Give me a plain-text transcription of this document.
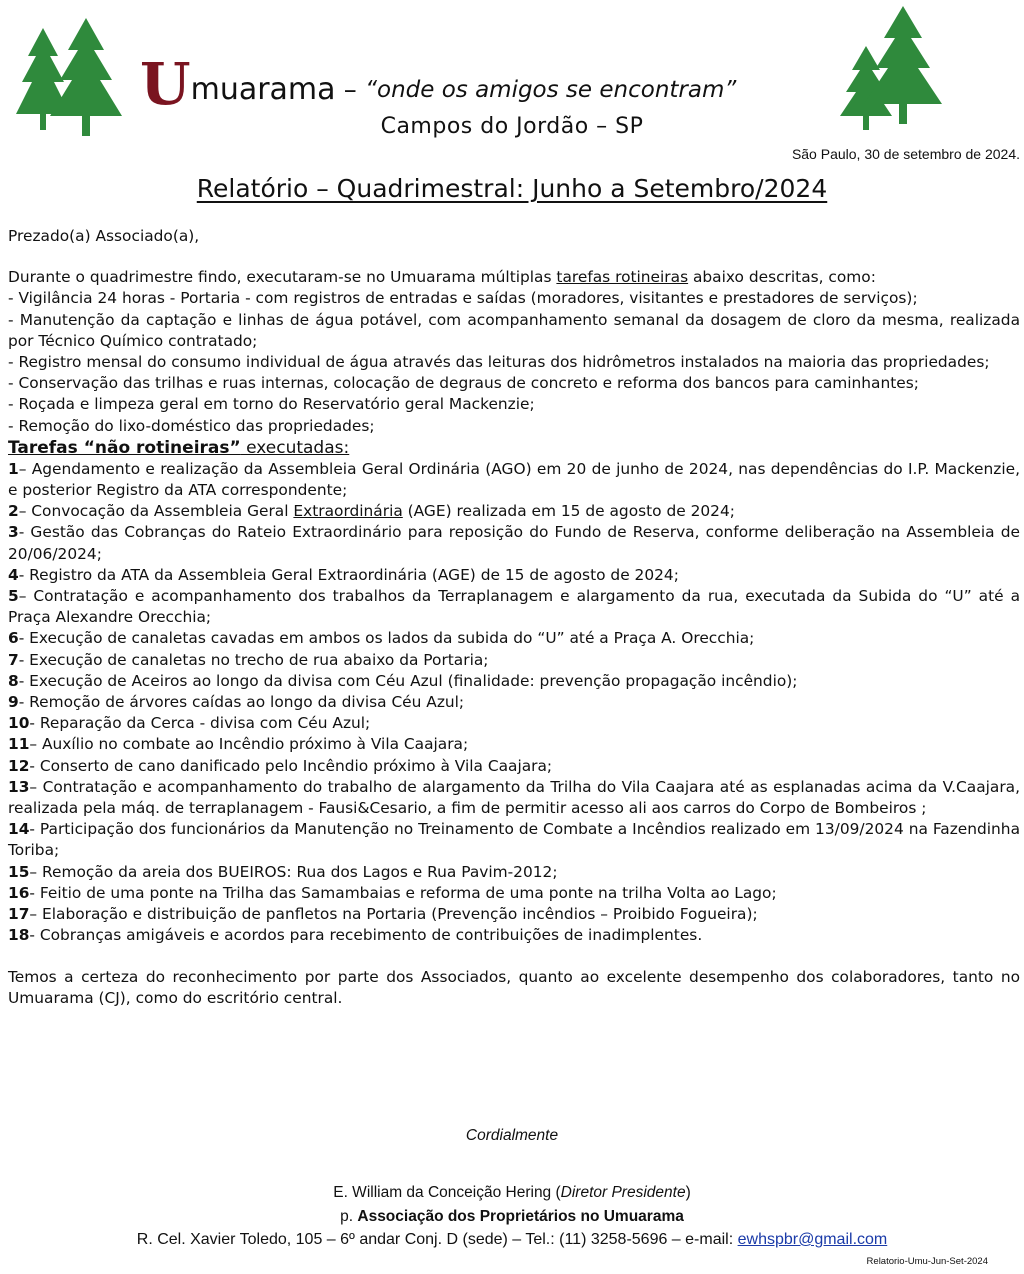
Umuarama – “onde os amigos se encontram”
Campos do Jordão – SP
São Paulo, 30 de setembro de 2024.
Relatório – Quadrimestral: Junho a Setembro/2024

Prezado(a) Associado(a),

Durante o quadrimestre findo, executaram-se no Umuarama múltiplas tarefas rotineiras abaixo descritas, como:

- Vigilância 24 horas - Portaria - com registros de entradas e saídas (moradores, visitantes e prestadores de serviços);

- Manutenção da captação e linhas de água potável, com acompanhamento semanal da dosagem de cloro da mesma, realizada por Técnico Químico contratado;

- Registro mensal do consumo individual de água através das leituras dos hidrômetros instalados na maioria das propriedades;

- Conservação das trilhas e ruas internas, colocação de degraus de concreto e reforma dos bancos para caminhantes;

- Roçada e limpeza geral em torno do Reservatório geral Mackenzie;

- Remoção do lixo-doméstico das propriedades;

Tarefas “não rotineiras” executadas:

1– Agendamento e realização da Assembleia Geral Ordinária (AGO) em 20 de junho de 2024, nas dependências do I.P. Mackenzie, e posterior Registro da ATA correspondente;

2– Convocação da Assembleia Geral Extraordinária (AGE) realizada em 15 de agosto de 2024;

3- Gestão das Cobranças do Rateio Extraordinário para reposição do Fundo de Reserva, conforme deliberação na Assembleia de 20/06/2024;

4- Registro da ATA da Assembleia Geral Extraordinária (AGE) de 15 de agosto de 2024;

5– Contratação e acompanhamento dos trabalhos da Terraplanagem e alargamento da rua, executada da Subida do “U” até a Praça Alexandre Orecchia;

6- Execução de canaletas cavadas em ambos os lados da subida do “U” até a Praça A. Orecchia;

7- Execução de canaletas no trecho de rua abaixo da Portaria;

8- Execução de Aceiros ao longo da divisa com Céu Azul (finalidade: prevenção propagação incêndio);

9- Remoção de árvores caídas ao longo da divisa Céu Azul;

10- Reparação da Cerca - divisa com Céu Azul;

11– Auxílio no combate ao Incêndio próximo à Vila Caajara;

12- Conserto de cano danificado pelo Incêndio próximo à Vila Caajara;

13– Contratação e acompanhamento do trabalho de alargamento da Trilha do Vila Caajara até as esplanadas acima da V.Caajara, realizada pela máq. de terraplanagem - Fausi&Cesario, a fim de permitir acesso ali aos carros do Corpo de Bombeiros ;

14- Participação dos funcionários da Manutenção no Treinamento de Combate a Incêndios realizado em 13/09/2024 na Fazendinha Toriba;

15– Remoção da areia dos BUEIROS: Rua dos Lagos e Rua Pavim-2012;

16- Feitio de uma ponte na Trilha das Samambaias e reforma de uma ponte na trilha Volta ao Lago;

17– Elaboração e distribuição de panfletos na Portaria (Prevenção incêndios – Proibido Fogueira);

18- Cobranças amigáveis e acordos para recebimento de contribuições de inadimplentes.

Temos a certeza do reconhecimento por parte dos Associados, quanto ao excelente desempenho dos colaboradores, tanto no Umuarama (CJ), como do escritório central.

Cordialmente
E. William da Conceição Hering (Diretor Presidente)
p. Associação dos Proprietários no Umuarama
R. Cel. Xavier Toledo, 105 – 6º andar Conj. D (sede) – Tel.: (11) 3258-5696 – e-mail: ewhspbr@gmail.com
Relatorio-Umu-Jun-Set-2024
